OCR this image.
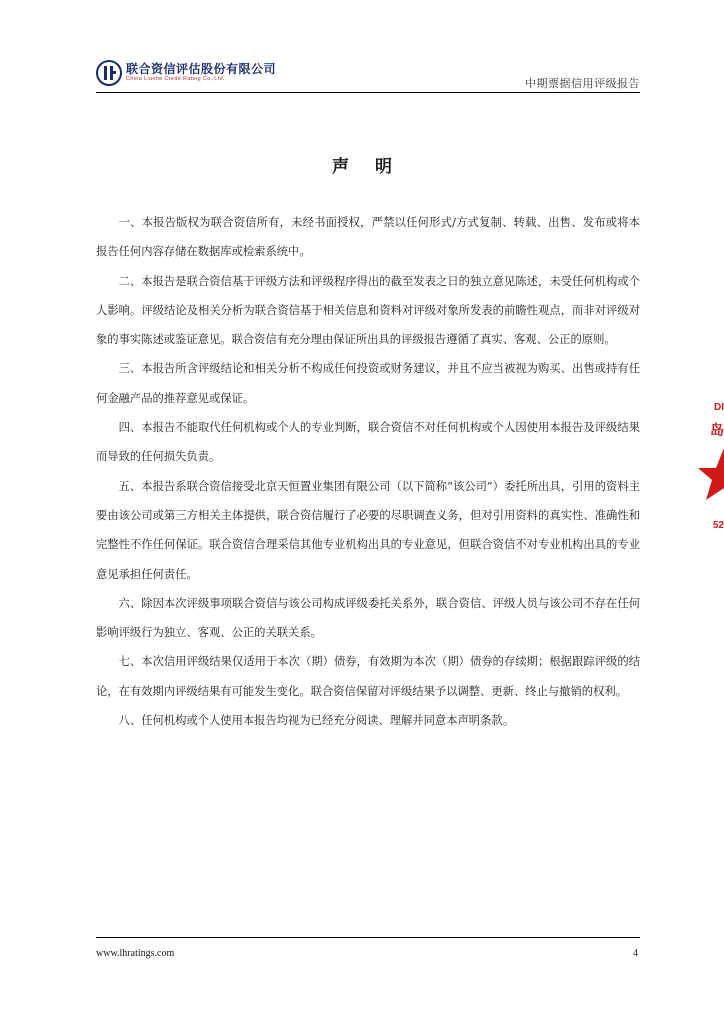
联合资信评估股份有限公司
China Lianhe Credit Rating Co.,Ltd.	中期票据信用评级报告
声明

一、本报告版权为联合资信所有，未经书面授权，严禁以任何形式/方式复制、转载、出售、发布或将本报告任何内容存储在数据库或检索系统中。

二、本报告是联合资信基于评级方法和评级程序得出的截至发表之日的独立意见陈述，未受任何机构或个人影响。评级结论及相关分析为联合资信基于相关信息和资料对评级对象所发表的前瞻性观点，而非对评级对象的事实陈述或鉴证意见。联合资信有充分理由保证所出具的评级报告遵循了真实、客观、公正的原则。

三、本报告所含评级结论和相关分析不构成任何投资或财务建议，并且不应当被视为购买、出售或持有任何金融产品的推荐意见或保证。

四、本报告不能取代任何机构或个人的专业判断，联合资信不对任何机构或个人因使用本报告及评级结果而导致的任何损失负责。

五、本报告系联合资信接受北京天恒置业集团有限公司（以下简称“该公司”）委托所出具，引用的资料主要由该公司或第三方相关主体提供，联合资信履行了必要的尽职调查义务，但对引用资料的真实性、准确性和完整性不作任何保证。联合资信合理采信其他专业机构出具的专业意见，但联合资信不对专业机构出具的专业意见承担任何责任。

六、除因本次评级事项联合资信与该公司构成评级委托关系外，联合资信、评级人员与该公司不存在任何影响评级行为独立、客观、公正的关联关系。

七、本次信用评级结果仅适用于本次（期）债券，有效期为本次（期）债券的存续期；根据跟踪评级的结论，在有效期内评级结果有可能发生变化。联合资信保留对评级结果予以调整、更新、终止与撤销的权利。

八、任何机构或个人使用本报告均视为已经充分阅读、理解并同意本声明条款。

www.lhratings.com	4
DI
岛
52
